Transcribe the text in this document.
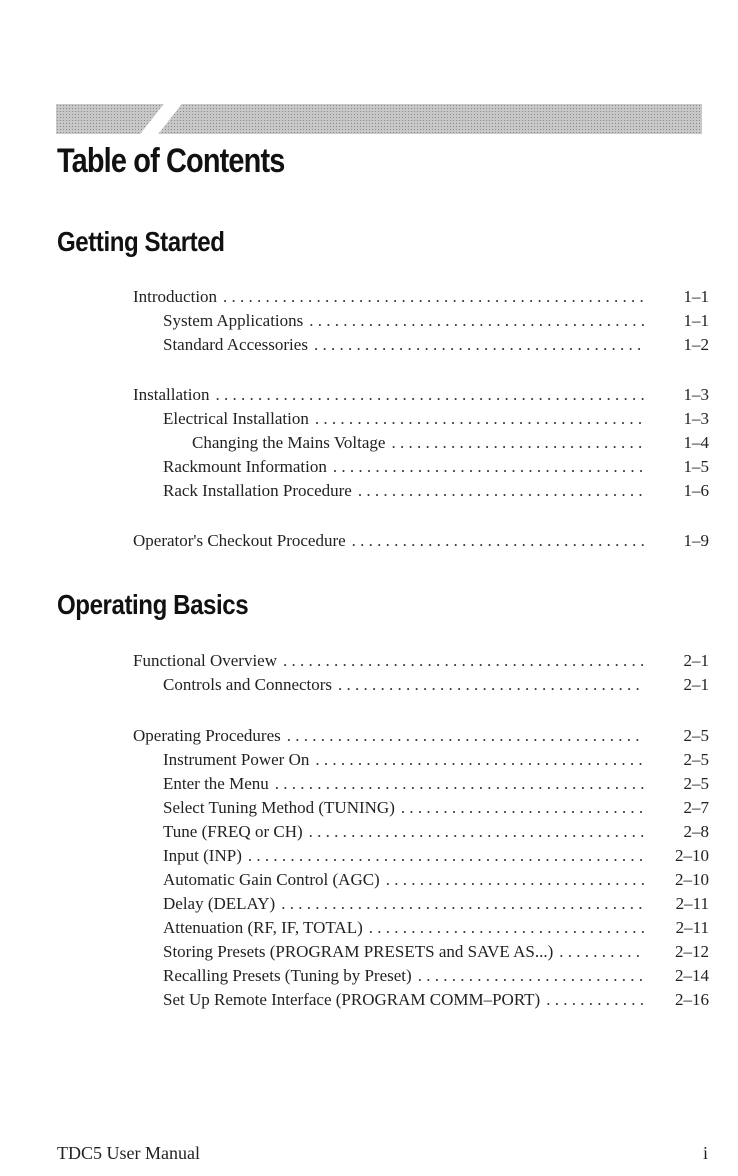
Table of Contents
Getting Started
Introduction . . .	1–1
System Applications . . .	1–1
Standard Accessories . . .	1–2
Installation . . .	1–3
Electrical Installation . . .	1–3
Changing the Mains Voltage . . .	1–4
Rackmount Information . . .	1–5
Rack Installation Procedure . . .	1–6
Operator's Checkout Procedure . . .	1–9
Operating Basics
Functional Overview . . .	2–1
Controls and Connectors . . .	2–1
Operating Procedures . . .	2–5
Instrument Power On . . .	2–5
Enter the Menu . . .	2–5
Select Tuning Method (TUNING) . . .	2–7
Tune (FREQ or CH) . . .	2–8
Input (INP) . . .	2–10
Automatic Gain Control (AGC) . . .	2–10
Delay (DELAY) . . .	2–11
Attenuation (RF, IF, TOTAL) . . .	2–11
Storing Presets (PROGRAM PRESETS and SAVE AS...) . . .	2–12
Recalling Presets (Tuning by Preset) . . .	2–14
Set Up Remote Interface (PROGRAM COMM–PORT) . . .	2–16

TDC5 User Manual	i
